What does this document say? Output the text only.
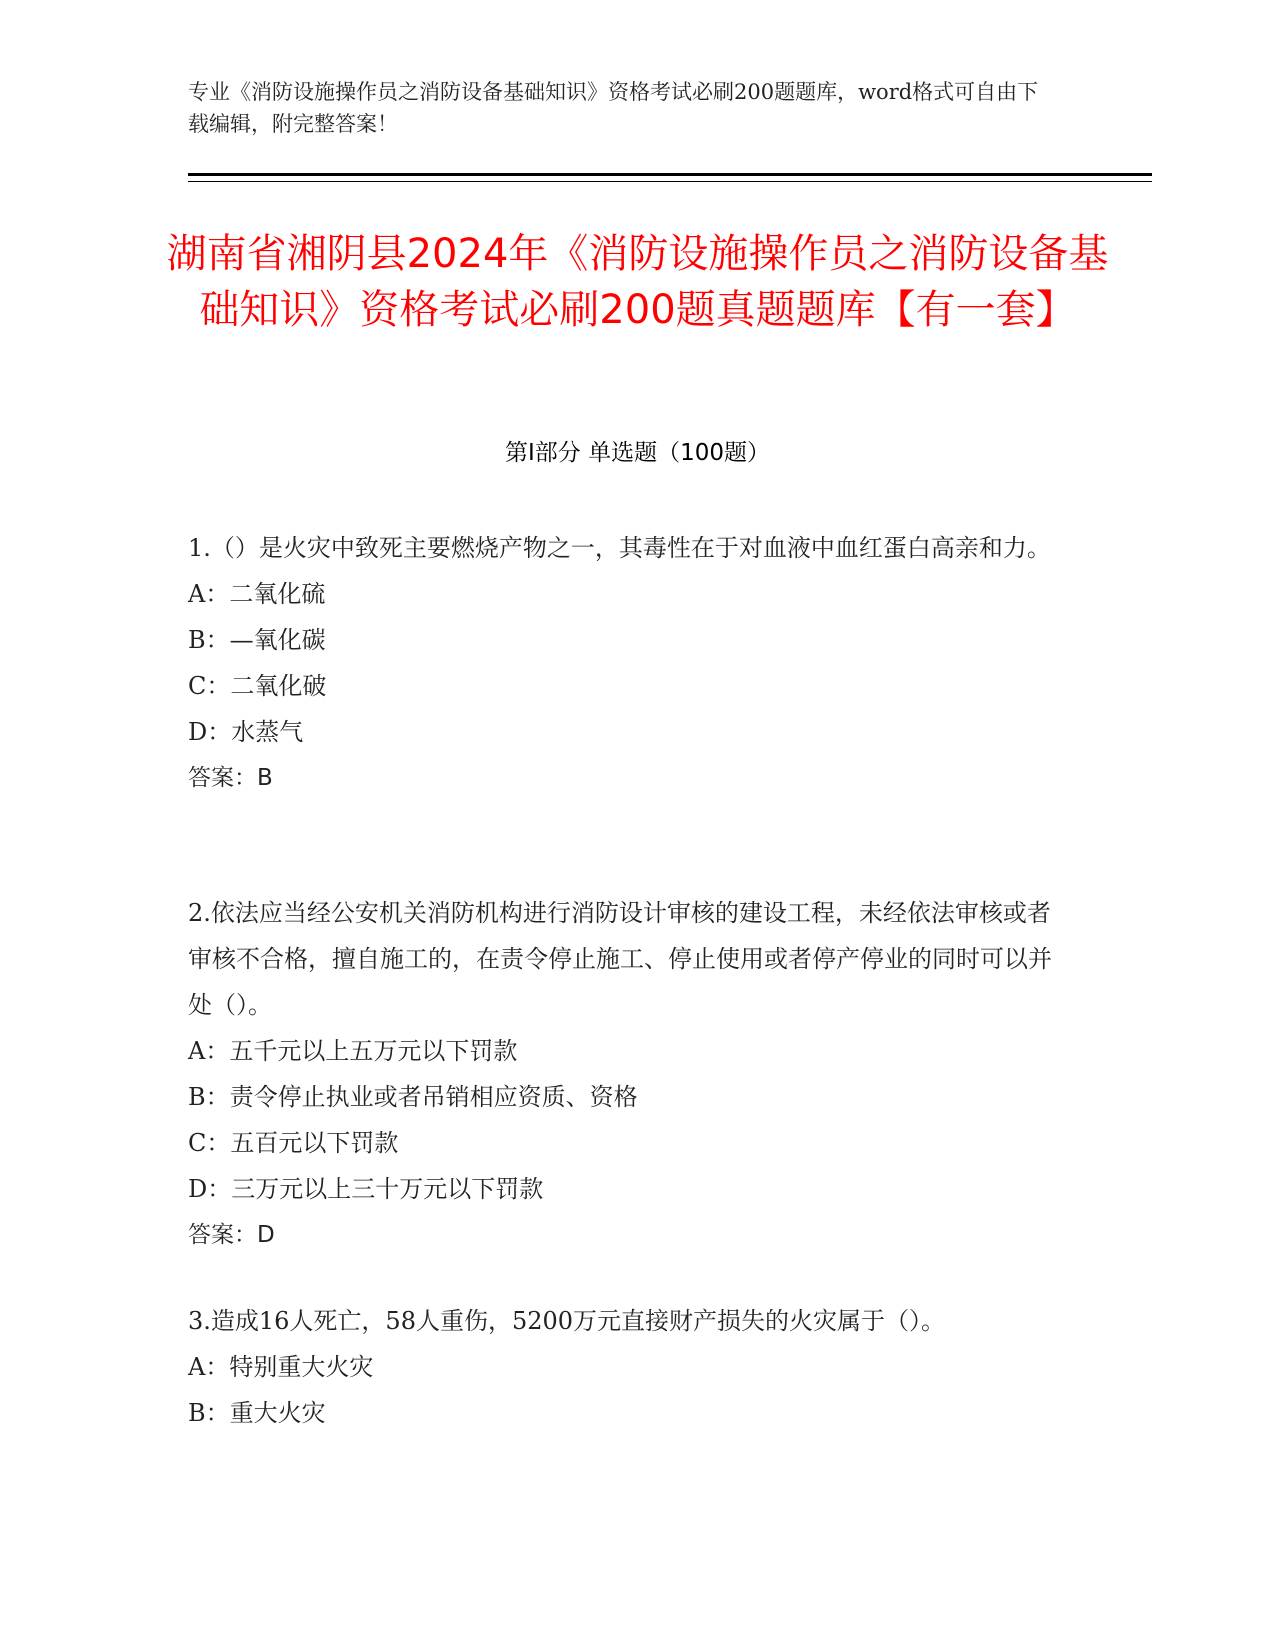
专业《消防设施操作员之消防设备基础知识》资格考试必刷200题题库，word格式可自由下载编辑，附完整答案！
湖南省湘阴县2024年《消防设施操作员之消防设备基础知识》资格考试必刷200题真题题库【有一套】
第I部分 单选题（100题）
1.（）是火灾中致死主要燃烧产物之一，其毒性在于对血液中血红蛋白高亲和力。
A：二氧化硫
B：—氧化碳
C：二氧化破
D：水蒸气
答案：B
2.依法应当经公安机关消防机构进行消防设计审核的建设工程，未经依法审核或者审核不合格，擅自施工的，在责令停止施工、停止使用或者停产停业的同时可以并处（）。
A：五千元以上五万元以下罚款
B：责令停止执业或者吊销相应资质、资格
C：五百元以下罚款
D：三万元以上三十万元以下罚款
答案：D
3.造成16人死亡，58人重伤，5200万元直接财产损失的火灾属于（）。
A：特别重大火灾
B：重大火灾
